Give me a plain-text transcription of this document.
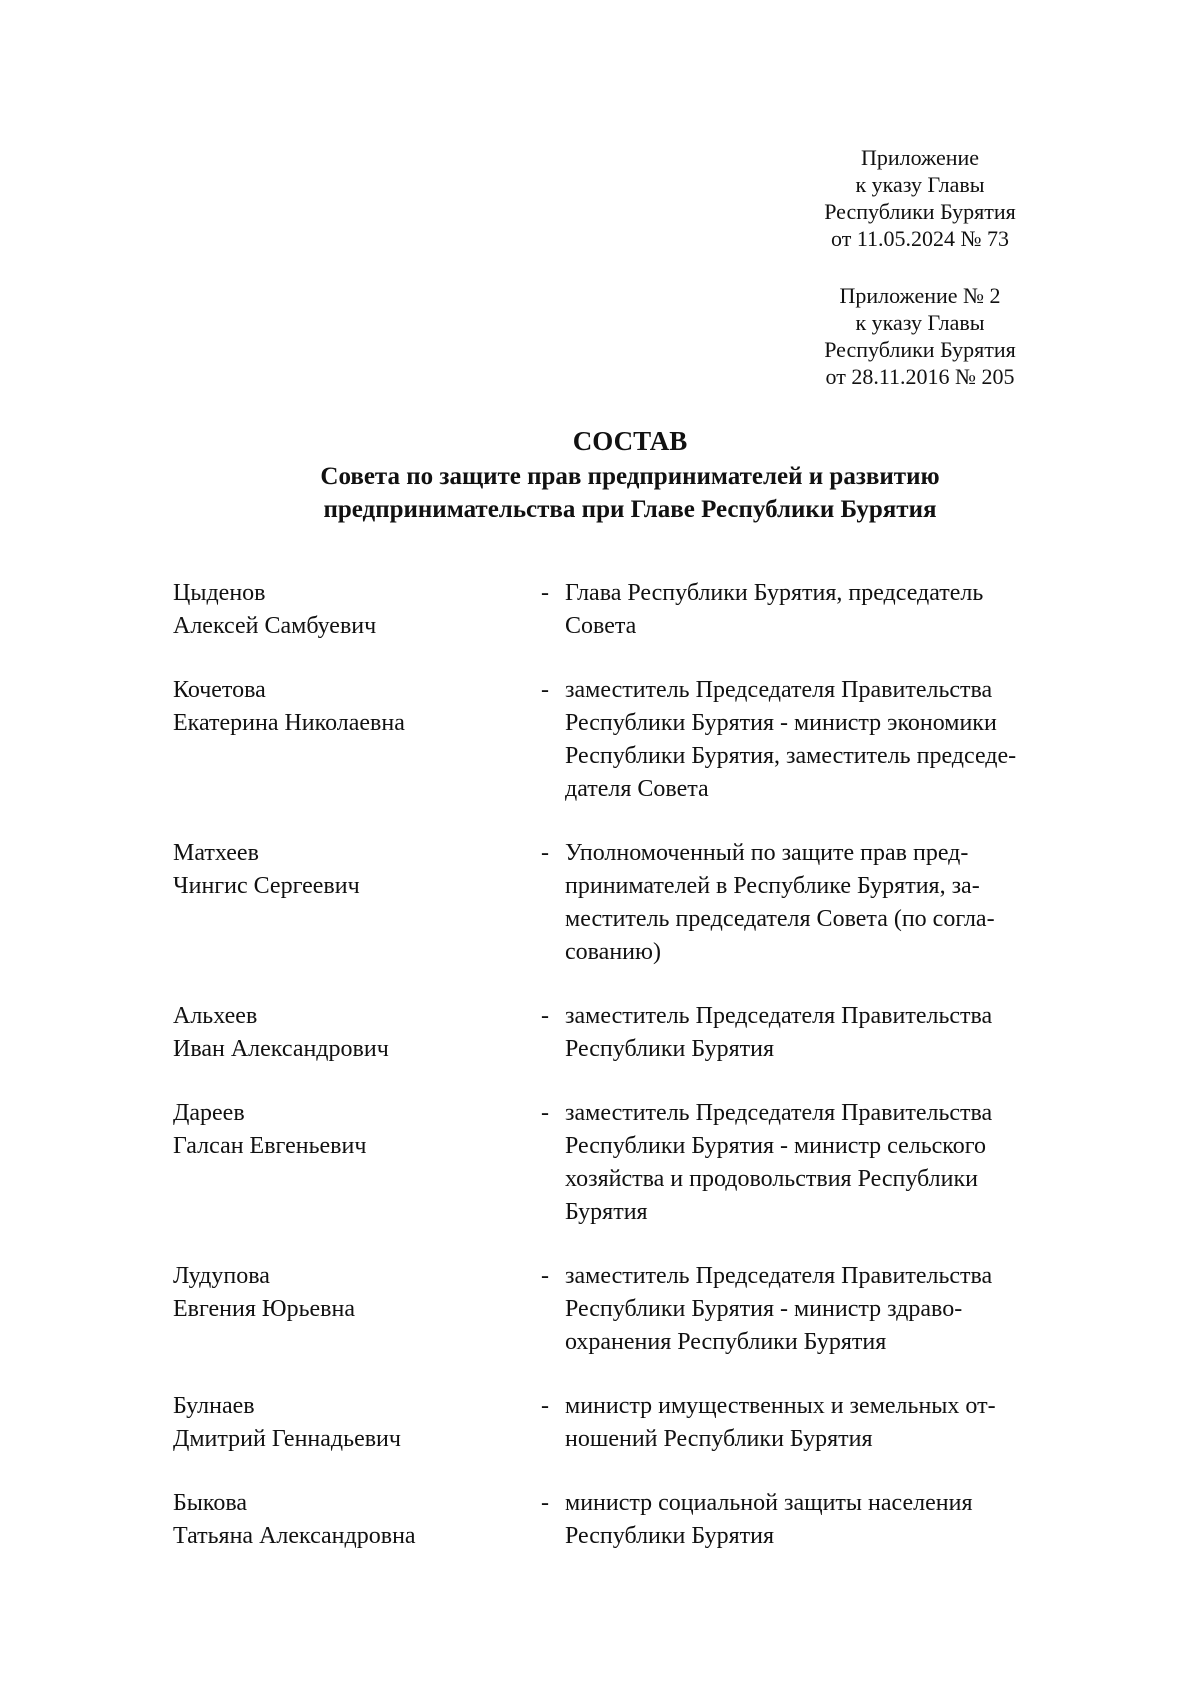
Приложение

к указу Главы

Республики Бурятия

от 11.05.2024 № 73

Приложение № 2

к указу Главы

Республики Бурятия

от 28.11.2016 № 205

СОСТАВ

Совета по защите прав предпринимателей и развитию

предпринимательства при Главе Республики Бурятия

Цыденов
Алексей Самбуевич
- Глава Республики Бурятия, председатель
Совета
Кочетова
Екатерина Николаевна
- заместитель Председателя Правительства
Республики Бурятия - министр экономики
Республики Бурятия, заместитель председе-
дателя Совета
Матхеев
Чингис Сергеевич
- Уполномоченный по защите прав пред-
принимателей в Республике Бурятия, за-
меститель председателя Совета (по согла-
сованию)
Альхеев
Иван Александрович
- заместитель Председателя Правительства
Республики Бурятия
Дареев
Галсан Евгеньевич
- заместитель Председателя Правительства
Республики Бурятия - министр сельского
хозяйства и продовольствия Республики
Бурятия
Лудупова
Евгения Юрьевна
- заместитель Председателя Правительства
Республики Бурятия - министр здраво-
охранения Республики Бурятия
Булнаев
Дмитрий Геннадьевич
- министр имущественных и земельных от-
ношений Республики Бурятия
Быкова
Татьяна Александровна
- министр социальной защиты населения
Республики Бурятия
